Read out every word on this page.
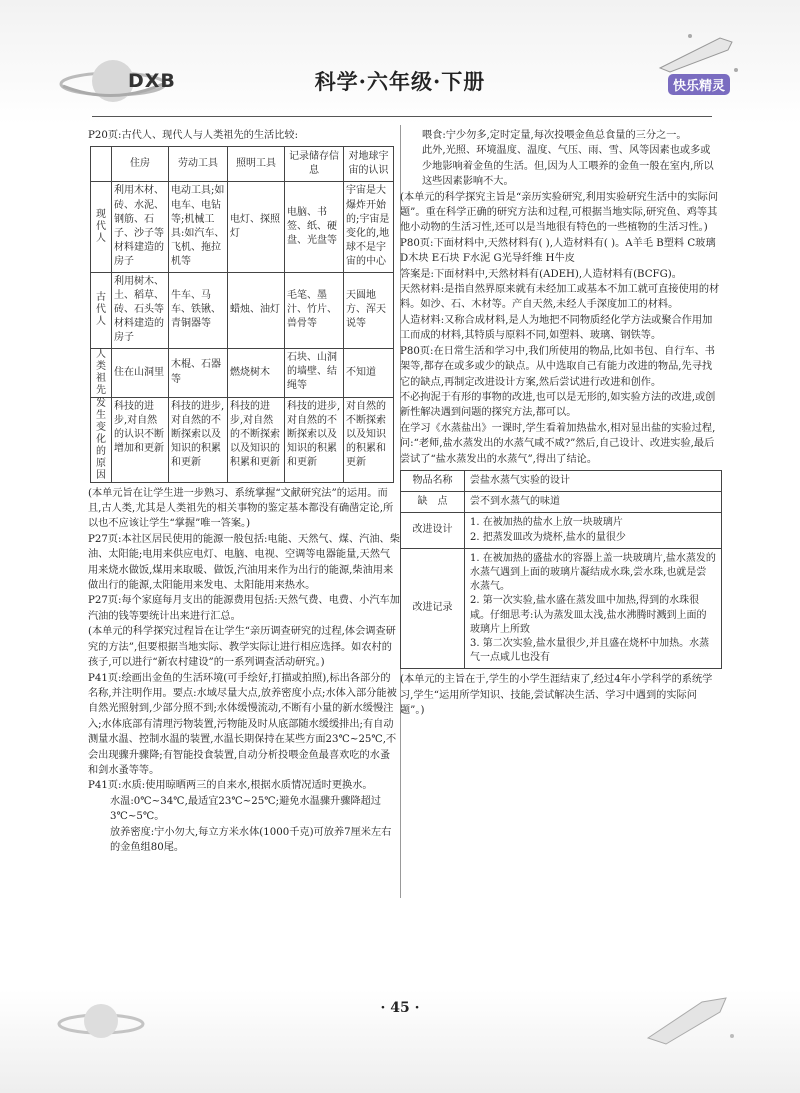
DXB	科学·六年级·下册	快乐精灵

P20页:古代人、现代人与人类祖先的生活比较:

	住房	劳动工具	照明工具	记录储存信息	对地球宇宙的认识

现代人	利用木材、砖、水泥、钢筋、石子、沙子等材料建造的房子	电动工具;如电车、电钻等;机械工具:如汽车、飞机、拖拉机等	电灯、探照灯	电脑、书签、纸、硬盘、光盘等	宇宙是大爆炸开始的;宇宙是变化的,地球不是宇宙的中心

古代人	利用树木、土、稻草、砖、石头等材料建造的房子	牛车、马车、铁锹、青铜器等	蜡烛、油灯	毛笔、墨汁、竹片、兽骨等	天圆地方、浑天说等

人类祖先	住在山洞里	木棍、石器等	燃烧树木	石块、山洞的墙壁、结绳等	不知道

发生变化的原因	科技的进步,对自然的认识不断增加和更新	科技的进步,对自然的不断探索以及知识的积累和更新	科技的进步,对自然的不断探索以及知识的积累和更新	科技的进步,对自然的不断探索以及知识的积累和更新	对自然的不断探索以及知识的积累和更新

(本单元旨在让学生进一步熟习、系统掌握“文献研究法”的运用。而且,古人类,尤其是人类祖先的相关事物的鉴定基本都没有确凿定论,所以也不应该让学生“掌握”唯一答案。)

P27页:本社区居民使用的能源一般包括:电能、天然气、煤、汽油、柴油、太阳能;电用来供应电灯、电脑、电视、空调等电器能量,天然气用来烧水做饭,煤用来取暖、做饭,汽油用来作为出行的能源,柴油用来做出行的能源,太阳能用来发电、太阳能用来热水。

P27页:每个家庭每月支出的能源费用包括:天然气费、电费、小汽车加汽油的钱等要统计出来进行汇总。

(本单元的科学探究过程旨在让学生“亲历调查研究的过程,体会调查研究的方法”,但要根据当地实际、教学实际让进行相应选择。如农村的孩子,可以进行“新农村建设”的一系列调查活动研究。)

P41页:绘画出金鱼的生活环境(可手绘好,打描或拍照),标出各部分的名称,并注明作用。要点:水域尽量大点,放养密度小点;水体入部分能被自然光照射到,少部分照不到;水体缓慢流动,不断有小量的新水缓慢注入;水体底部有清理污物装置,污物能及时从底部随水缓缓排出;有自动测量水温、控制水温的装置,水温长期保持在某些方面23℃~25℃,不会出现骤升骤降;有智能投食装置,自动分析投喂金鱼最喜欢吃的水蚤和剑水蚤等等。

P41页:水质:使用晾晒两三的自来水,根据水质情况适时更换水。

水温:0℃~34℃,最适宜23℃~25℃;避免水温骤升骤降超过3℃~5℃。

放养密度:宁小勿大,每立方米水体(1000千克)可放养7厘米左右的金鱼组80尾。

喂食:宁少勿多,定时定量,每次投喂金鱼总食量的三分之一。

此外,光照、环境温度、温度、气压、雨、雪、风等因素也或多或少地影响着金鱼的生活。但,因为人工喂养的金鱼一般在室内,所以这些因素影响不大。

(本单元的科学探究主旨是“亲历实验研究,利用实验研究生活中的实际问题”。重在科学正确的研究方法和过程,可根据当地实际,研究鱼、鸡等其他小动物的生活习性,还可以是当地很有特色的一些植物的生活习性。)

P80页:下面材料中,天然材料有( ),人造材料有( )。A羊毛 B塑料 C玻璃

D木块 E石块 F水泥 G光导纤维 H牛皮

答案是:下面材料中,天然材料有(ADEH),人造材料有(BCFG)。

天然材料:是指自然界原来就有未经加工或基本不加工就可直接使用的材料。如沙、石、木材等。产自天然,未经人手深度加工的材料。

人造材料:又称合成材料,是人为地把不同物质经化学方法或聚合作用加工而成的材料,其特质与原料不同,如塑料、玻璃、钢铁等。

P80页:在日常生活和学习中,我们所使用的物品,比如书包、自行车、书架等,都存在或多或少的缺点。从中选取自己有能力改进的物品,先寻找它的缺点,再制定改进设计方案,然后尝试进行改进和创作。

不必拘泥于有形的事物的改进,也可以是无形的,如实验方法的改进,或创新性解决遇到问题的探究方法,都可以。

在学习《水蒸盐出》一课时,学生看着加热盐水,相对显出盐的实验过程,问:“老师,盐水蒸发出的水蒸气咸不咸?”然后,自己设计、改进实验,最后尝试了“盐水蒸发出的水蒸气”,得出了结论。

物品名称	尝盐水蒸气实验的设计
缺　点	尝不到水蒸气的味道
改进设计	1. 在被加热的盐水上放一块玻璃片
2. 把蒸发皿改为烧杯,盐水的量很少

改进记录	1. 在被加热的盛盐水的容器上盖一块玻璃片,盐水蒸发的水蒸气遇到上面的玻璃片凝结成水珠,尝水珠,也就是尝水蒸气。
2. 第一次实验,盐水盛在蒸发皿中加热,得到的水珠很咸。仔细思考:认为蒸发皿太浅,盐水沸腾时溅到上面的玻璃片上所致
3. 第二次实验,盐水量很少,并且盛在烧杯中加热。水蒸气一点咸儿也没有

(本单元的主旨在于,学生的小学生涯结束了,经过4年小学科学的系统学习,学生“运用所学知识、技能,尝试解决生活、学习中遇到的实际问题”。)

· 45 ·
